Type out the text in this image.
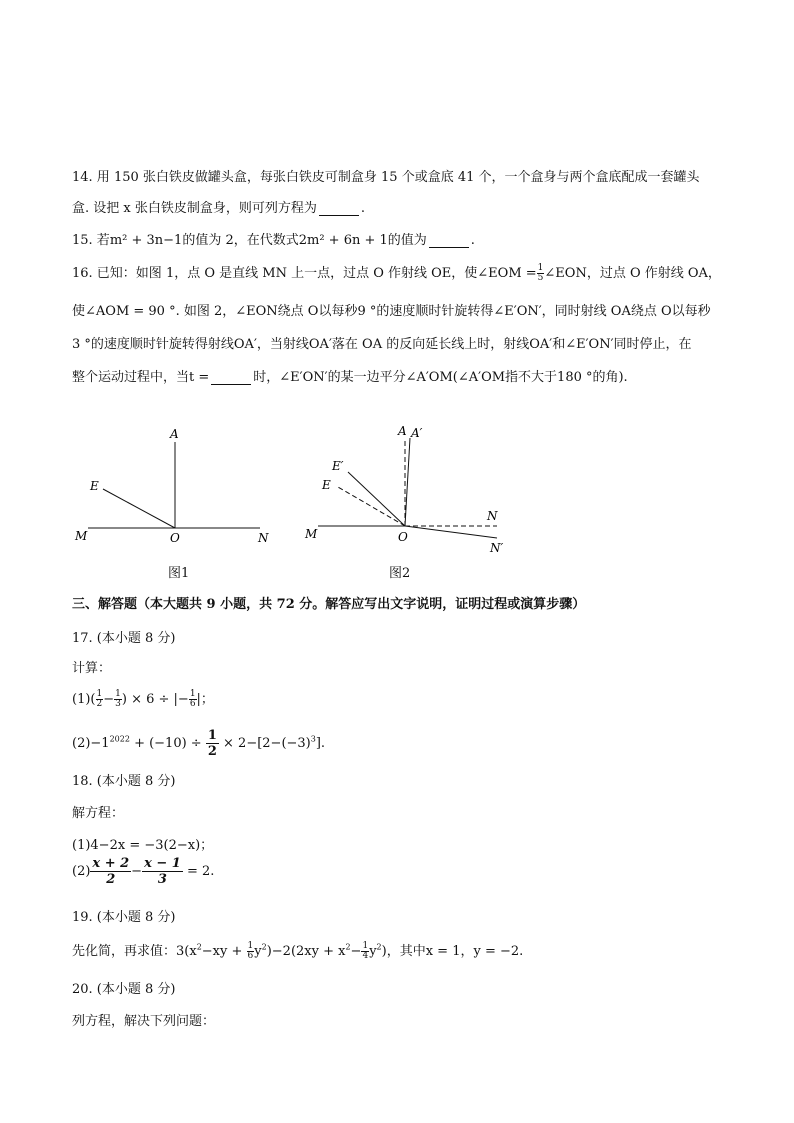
14. 用 150 张白铁皮做罐头盒，每张白铁皮可制盒身 15 个或盒底 41 个，一个盒身与两个盒底配成一套罐头
盒. 设把 x 张白铁皮制盒身，则可列方程为	.
15. 若m² + 3n−1的值为 2，在代数式2m² + 6n + 1的值为	.
16. 已知：如图 1，点 O 是直线 MN 上一点，过点 O 作射线 OE，使∠EOM = $\frac{1}{5}$ ∠EON，过点 O 作射线 OA，
使∠AOM = 90 °. 如图 2，∠EON绕点 O以每秒9 °的速度顺时针旋转得∠E′ON′，同时射线 OA绕点 O以每秒
3 °的速度顺时针旋转得射线OA′，当射线OA′落在 OA 的反向延长线上时，射线OA′和∠E′ON′同时停止，在
整个运动过程中，当t =	时，∠E′ON′的某一边平分∠A′OM(∠A′OM指不大于180 °的角).
A
E
M	O	N
图1
A A′
E′
E
M	O
N
N′
图2
三、解答题（本大题共 9 小题，共 72 分。解答应写出文字说明，证明过程或演算步骤）
17. (本小题 8 分)
计算：
$(1)( \frac{1}{2} - \frac{1}{3}$ ) × 6 ÷ |− $\frac{1}{6}$ |；
$(2)-1^{2022} + (-10) \div \frac{1}{2} \times 2-[2-(-3)^3]$.
18. (本小题 8 分)
解方程：
(1)4−2x = −3(2−x)；
$(2) \frac{x + 2}{2} - \frac{x - 1}{3} = 2$.
19. (本小题 8 分)
先化简，再求值：$3(x^2-xy + \frac{1}{6} y^2)-2(2xy + x^2- \frac{1}{4} y^2)$，其中x = 1，y = −2.
20. (本小题 8 分)
列方程，解决下列问题：
